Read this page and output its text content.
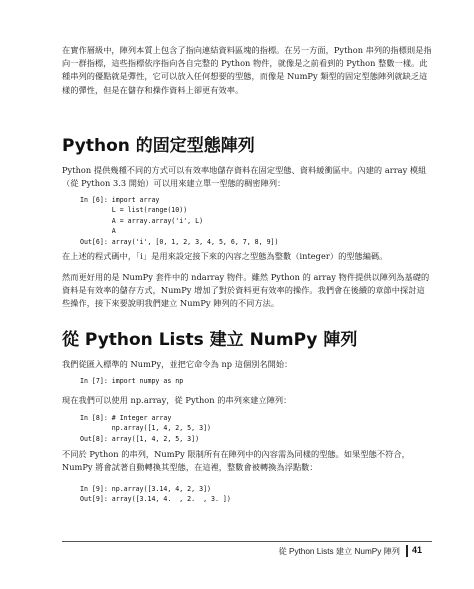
在實作層級中，陣列本質上包含了指向連結資料區塊的指標。在另一方面，Python 串列的指標則是指向一群指標，這些指標依序指向各自完整的 Python 物件，就像是之前看到的 Python 整數一樣。此種串列的優點就是彈性，它可以放入任何想要的型態，而像是 NumPy 類型的固定型態陣列就缺乏這樣的彈性，但是在儲存和操作資料上卻更有效率。

Python 的固定型態陣列

Python 提供幾種不同的方式可以有效率地儲存資料在固定型態、資料緩衝區中。內建的 array 模組（從 Python 3.3 開始）可以用來建立單一型態的稠密陣列：

In [6]: import array
L = list(range(10))
A = array.array('i', L)
A
Out[6]: array('i', [0, 1, 2, 3, 4, 5, 6, 7, 8, 9])

在上述的程式碼中，「i」是用來設定接下來的內容之型態為整數（integer）的型態編碼。

然而更好用的是 NumPy 套件中的 ndarray 物件。雖然 Python 的 array 物件提供以陣列為基礎的資料是有效率的儲存方式，NumPy 增加了對於資料更有效率的操作。我們會在後續的章節中探討這些操作，接下來要說明我們建立 NumPy 陣列的不同方法。

從 Python Lists 建立 NumPy 陣列

我們從匯入標準的 NumPy，並把它命令為 np 這個別名開始：

In [7]: import numpy as np

現在我們可以使用 np.array，從 Python 的串列來建立陣列：

In [8]: # Integer array
np.array([1, 4, 2, 5, 3])
Out[8]: array([1, 4, 2, 5, 3])

不同於 Python 的串列，NumPy 限制所有在陣列中的內容需為同樣的型態。如果型態不符合，NumPy 將會試著自動轉換其型態，在這裡，整數會被轉換為浮點數：

In [9]: np.array([3.14, 4, 2, 3])
Out[9]: array([3.14, 4.  , 2.  , 3. ])
從 Python Lists 建立 NumPy 陣列 41
